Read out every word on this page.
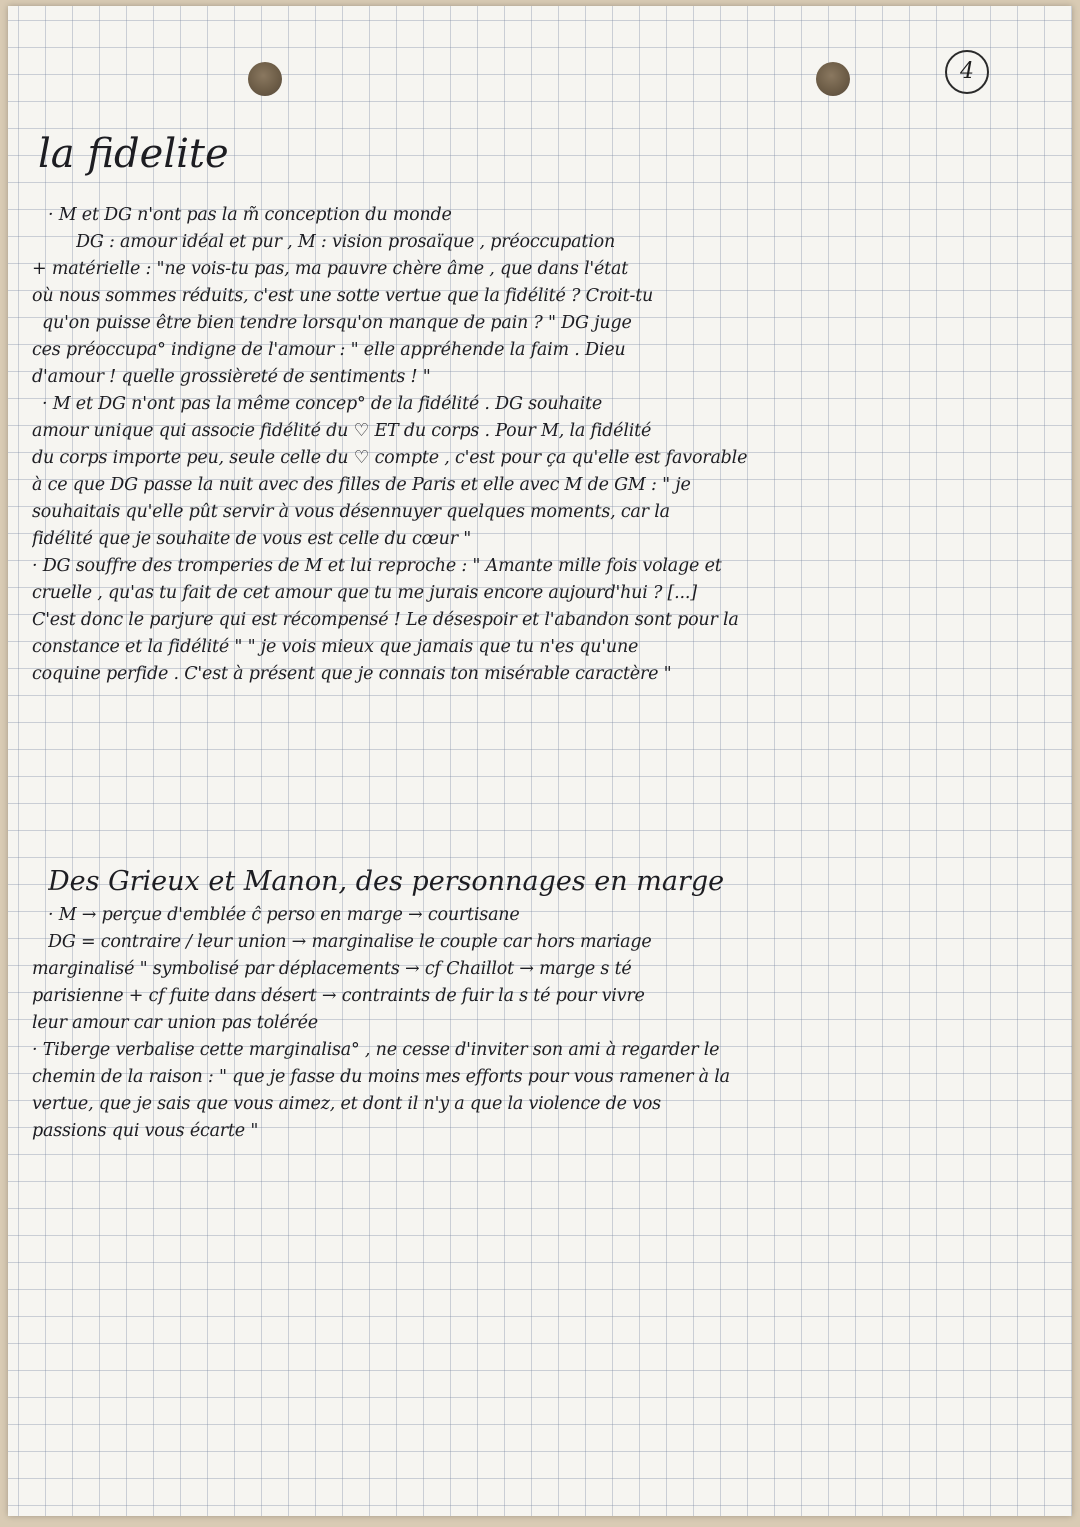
4
la fidelite
· M et DG n'ont pas la m̃ conception du monde
DG : amour idéal et pur , M : vision prosaïque , préoccupation
+ matérielle : "ne vois-tu pas, ma pauvre chère âme , que dans l'état
où nous sommes réduits, c'est une sotte vertue que la fidélité ? Croit-tu
qu'on puisse être bien tendre lorsqu'on manque de pain ? " DG juge
ces préoccupa° indigne de l'amour : " elle appréhende la faim . Dieu
d'amour ! quelle grossièreté de sentiments ! "
· M et DG n'ont pas la même concep° de la fidélité . DG souhaite
amour unique qui associe fidélité du ♡ ET du corps . Pour M, la fidélité
du corps importe peu, seule celle du ♡ compte , c'est pour ça qu'elle est favorable
à ce que DG passe la nuit avec des filles de Paris et elle avec M de GM : " je
souhaitais qu'elle pût servir à vous désennuyer quelques moments, car la
fidélité que je souhaite de vous est celle du cœur "
· DG souffre des tromperies de M et lui reproche : " Amante mille fois volage et
cruelle , qu'as tu fait de cet amour que tu me jurais encore aujourd'hui ? [...]
C'est donc le parjure qui est récompensé ! Le désespoir et l'abandon sont pour la
constance et la fidélité " " je vois mieux que jamais que tu n'es qu'une
coquine perfide . C'est à présent que je connais ton misérable caractère "
Des Grieux et Manon, des personnages en marge
· M → perçue d'emblée ĉ perso en marge → courtisane
DG = contraire / leur union → marginalise le couple car hors mariage
marginalisé " symbolisé par déplacements → cf Chaillot → marge s té
parisienne + cf fuite dans désert → contraints de fuir la s té pour vivre
leur amour car union pas tolérée
· Tiberge verbalise cette marginalisa° , ne cesse d'inviter son ami à regarder le
chemin de la raison : " que je fasse du moins mes efforts pour vous ramener à la
vertue, que je sais que vous aimez, et dont il n'y a que la violence de vos
passions qui vous écarte "
